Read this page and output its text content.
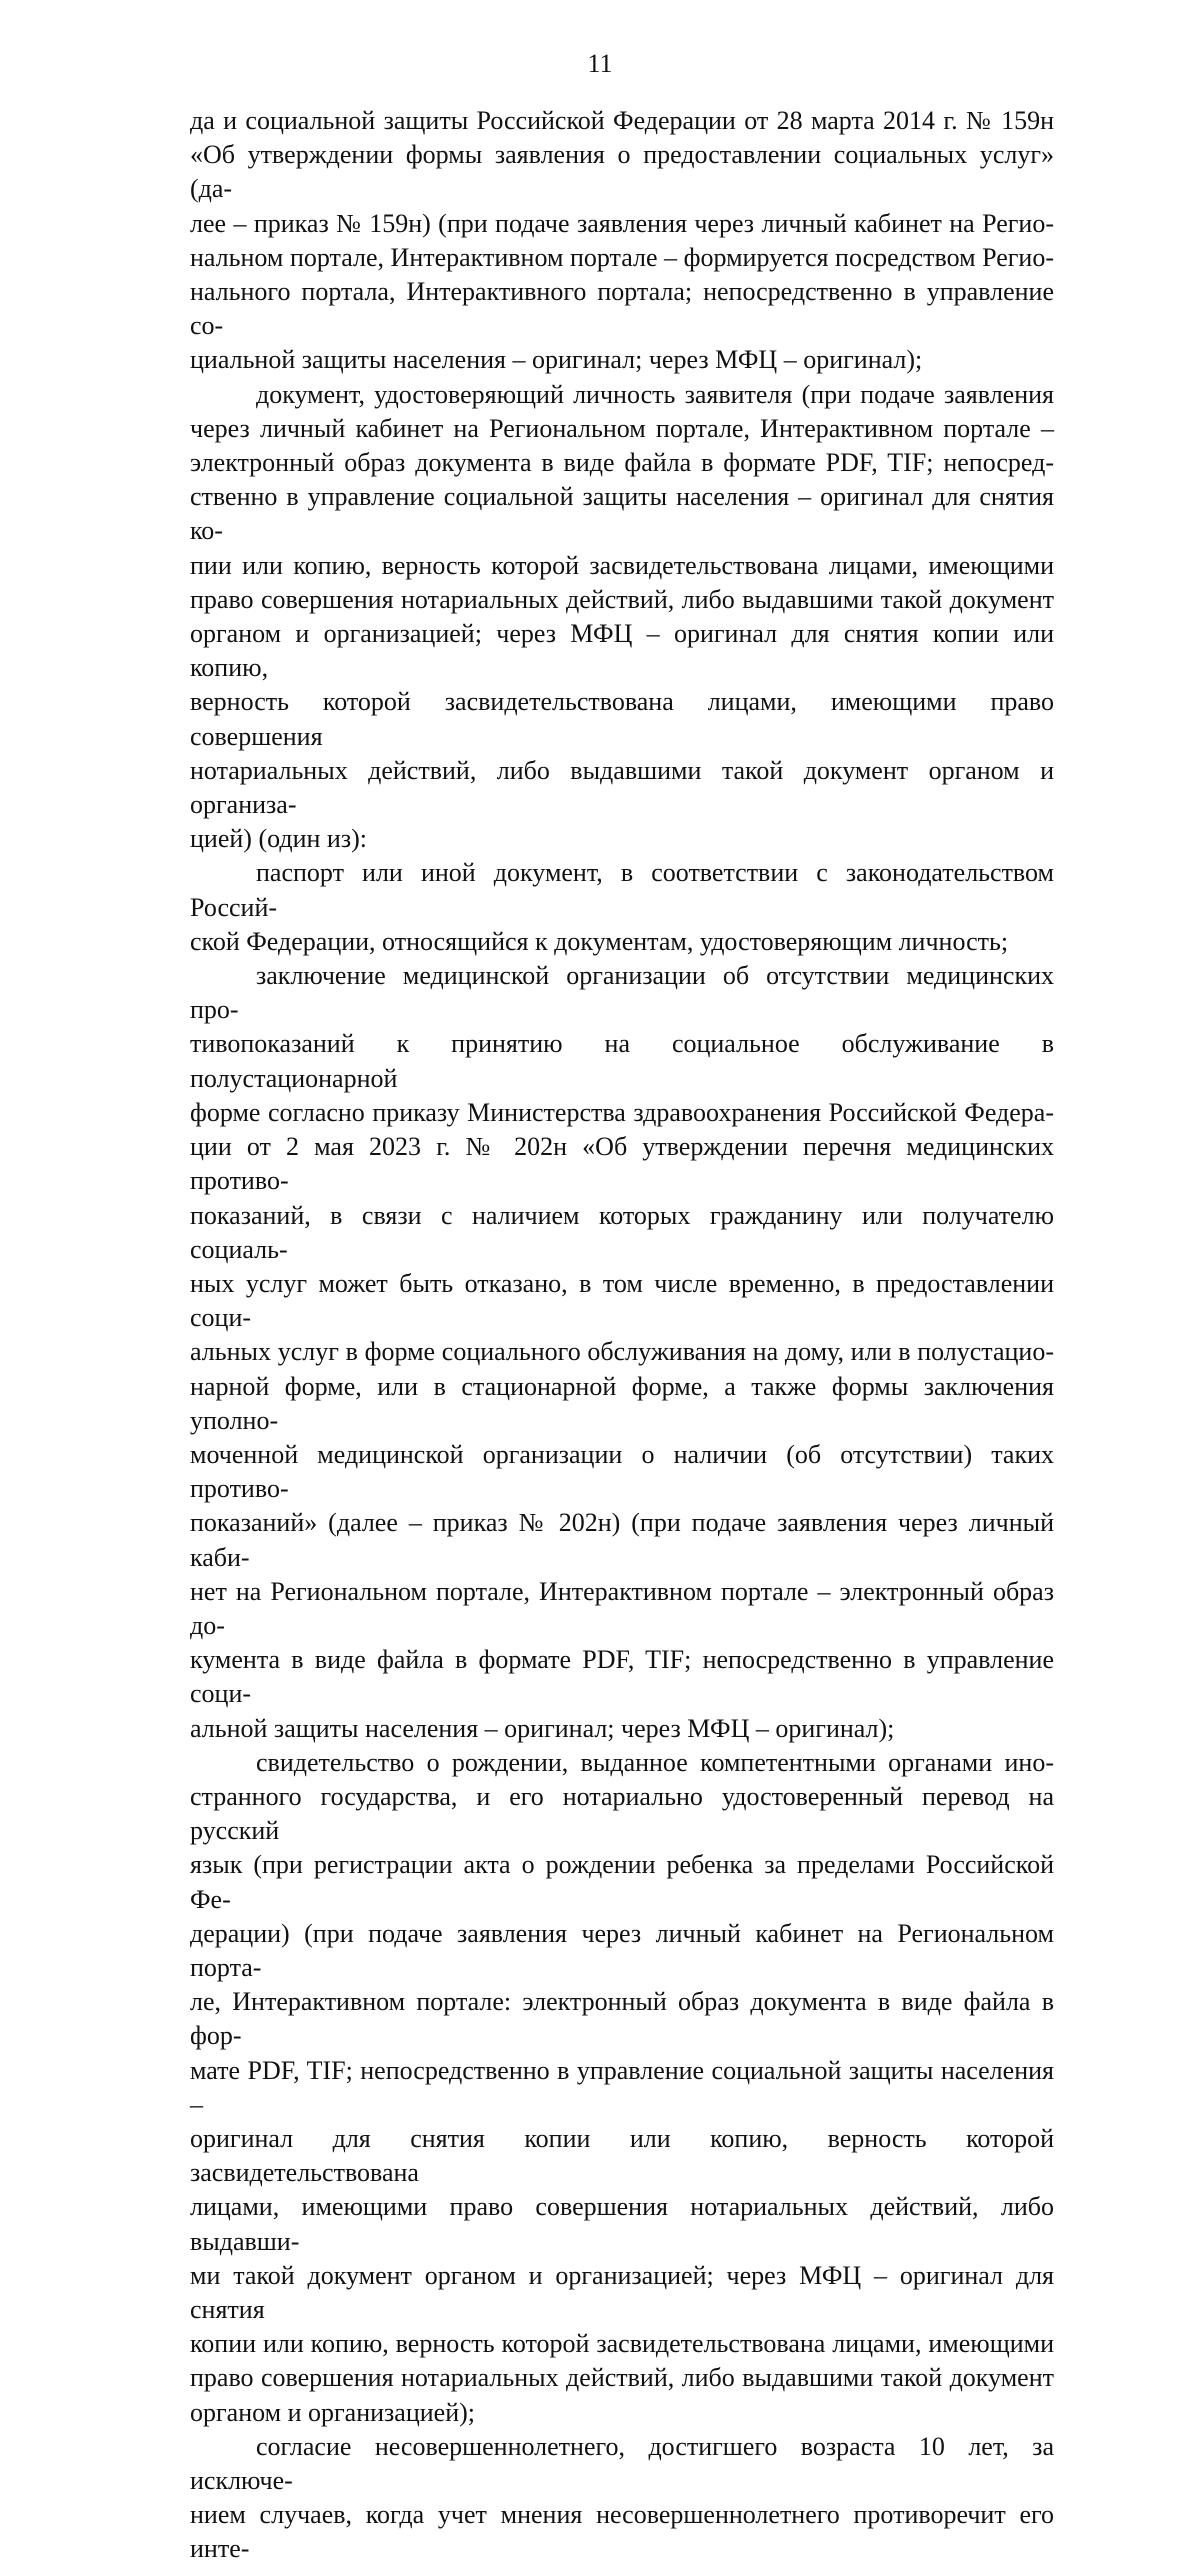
11

да и социальной защиты Российской Федерации от 28 марта 2014 г. № 159н
«Об утверждении формы заявления о предоставлении социальных услуг» (да-
лее – приказ № 159н) (при подаче заявления через личный кабинет на Регио-
нальном портале, Интерактивном портале – формируется посредством Регио-
нального портала, Интерактивного портала; непосредственно в управление со-
циальной защиты населения – оригинал; через МФЦ – оригинал);

документ, удостоверяющий личность заявителя (при подаче заявления
через личный кабинет на Региональном портале, Интерактивном портале –
электронный образ документа в виде файла в формате PDF, TIF; непосред-
ственно в управление социальной защиты населения – оригинал для снятия ко-
пии или копию, верность которой засвидетельствована лицами, имеющими
право совершения нотариальных действий, либо выдавшими такой документ
органом и организацией; через МФЦ – оригинал для снятия копии или копию,
верность которой засвидетельствована лицами, имеющими право совершения
нотариальных действий, либо выдавшими такой документ органом и организа-
цией) (один из):

паспорт или иной документ, в соответствии с законодательством Россий-
ской Федерации, относящийся к документам, удостоверяющим личность;

заключение медицинской организации об отсутствии медицинских про-
тивопоказаний к принятию на социальное обслуживание в полустационарной
форме согласно приказу Министерства здравоохранения Российской Федера-
ции от 2 мая 2023 г. № 202н «Об утверждении перечня медицинских противо-
показаний, в связи с наличием которых гражданину или получателю социаль-
ных услуг может быть отказано, в том числе временно, в предоставлении соци-
альных услуг в форме социального обслуживания на дому, или в полустацио-
нарной форме, или в стационарной форме, а также формы заключения уполно-
моченной медицинской организации о наличии (об отсутствии) таких противо-
показаний» (далее – приказ № 202н) (при подаче заявления через личный каби-
нет на Региональном портале, Интерактивном портале – электронный образ до-
кумента в виде файла в формате PDF, TIF; непосредственно в управление соци-
альной защиты населения – оригинал; через МФЦ – оригинал);

свидетельство о рождении, выданное компетентными органами ино-
странного государства, и его нотариально удостоверенный перевод на русский
язык (при регистрации акта о рождении ребенка за пределами Российской Фе-
дерации) (при подаче заявления через личный кабинет на Региональном порта-
ле, Интерактивном портале: электронный образ документа в виде файла в фор-
мате PDF, TIF; непосредственно в управление социальной защиты населения –
оригинал для снятия копии или копию, верность которой засвидетельствована
лицами, имеющими право совершения нотариальных действий, либо выдавши-
ми такой документ органом и организацией; через МФЦ – оригинал для снятия
копии или копию, верность которой засвидетельствована лицами, имеющими
право совершения нотариальных действий, либо выдавшими такой документ
органом и организацией);

согласие несовершеннолетнего, достигшего возраста 10 лет, за исключе-
нием случаев, когда учет мнения несовершеннолетнего противоречит его инте-
